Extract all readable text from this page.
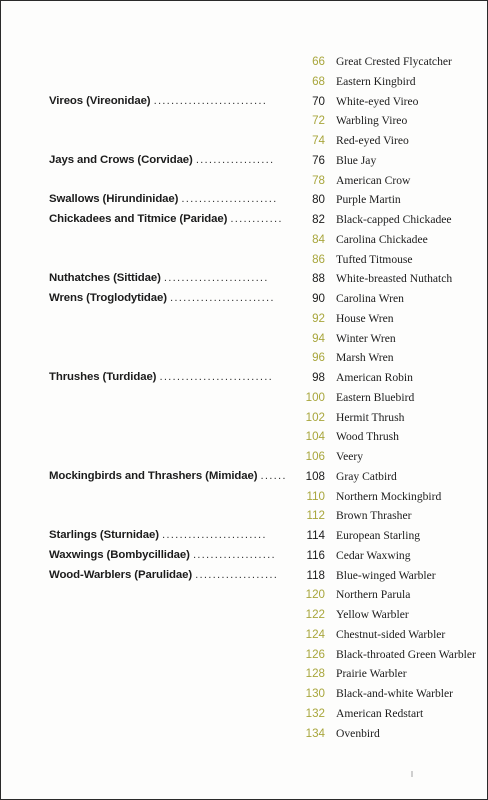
66 Great Crested Flycatcher
68 Eastern Kingbird
Vireos (Vireonidae) ..........................	70 White-eyed Vireo
72 Warbling Vireo
74 Red-eyed Vireo
Jays and Crows (Corvidae) ..................	76 Blue Jay
78 American Crow
Swallows (Hirundinidae) ......................	80 Purple Martin
Chickadees and Titmice (Paridae) ............	82 Black-capped Chickadee
84 Carolina Chickadee
86 Tufted Titmouse
Nuthatches (Sittidae) ........................	88 White-breasted Nuthatch
Wrens (Troglodytidae) ........................	90 Carolina Wren
92 House Wren
94 Winter Wren
96 Marsh Wren
Thrushes (Turdidae) ..........................	98 American Robin
100 Eastern Bluebird
102 Hermit Thrush
104 Wood Thrush
106 Veery
Mockingbirds and Thrashers (Mimidae) ......	108 Gray Catbird
110 Northern Mockingbird
112 Brown Thrasher
Starlings (Sturnidae) ........................	114 European Starling
Waxwings (Bombycillidae) ...................	116 Cedar Waxwing
Wood-Warblers (Parulidae) ...................	118 Blue-winged Warbler
120 Northern Parula
122 Yellow Warbler
124 Chestnut-sided Warbler
126 Black-throated Green Warbler
128 Prairie Warbler
130 Black-and-white Warbler
132 American Redstart
134 Ovenbird
